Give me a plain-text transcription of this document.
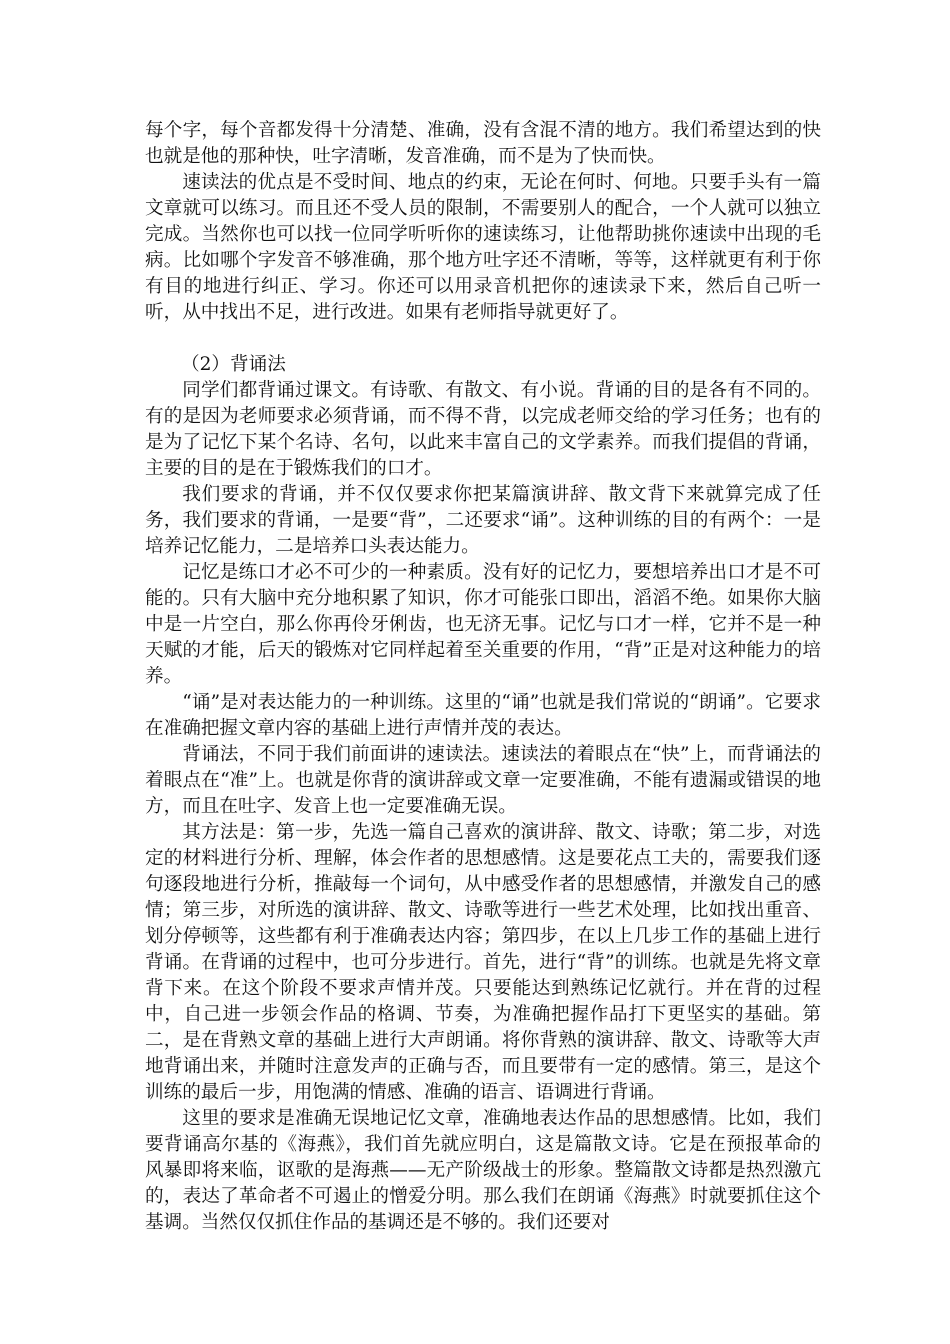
每个字，每个音都发得十分清楚、准确，没有含混不清的地方。我们希望达到的快也就是他的那种快，吐字清晰，发音准确，而不是为了快而快。

速读法的优点是不受时间、地点的约束，无论在何时、何地。只要手头有一篇文章就可以练习。而且还不受人员的限制，不需要别人的配合，一个人就可以独立完成。当然你也可以找一位同学听听你的速读练习，让他帮助挑你速读中出现的毛病。比如哪个字发音不够准确，那个地方吐字还不清晰，等等，这样就更有利于你有目的地进行纠正、学习。你还可以用录音机把你的速读录下来，然后自己听一听，从中找出不足，进行改进。如果有老师指导就更好了。

（2）背诵法

同学们都背诵过课文。有诗歌、有散文、有小说。背诵的目的是各有不同的。有的是因为老师要求必须背诵，而不得不背，以完成老师交给的学习任务；也有的是为了记忆下某个名诗、名句，以此来丰富自己的文学素养。而我们提倡的背诵，主要的目的是在于锻炼我们的口才。

我们要求的背诵，并不仅仅要求你把某篇演讲辞、散文背下来就算完成了任务，我们要求的背诵，一是要“背”，二还要求“诵”。这种训练的目的有两个：一是培养记忆能力，二是培养口头表达能力。

记忆是练口才必不可少的一种素质。没有好的记忆力，要想培养出口才是不可能的。只有大脑中充分地积累了知识，你才可能张口即出，滔滔不绝。如果你大脑中是一片空白，那么你再伶牙俐齿，也无济无事。记忆与口才一样，它并不是一种天赋的才能，后天的锻炼对它同样起着至关重要的作用，“背”正是对这种能力的培养。

“诵”是对表达能力的一种训练。这里的“诵”也就是我们常说的“朗诵”。它要求在准确把握文章内容的基础上进行声情并茂的表达。

背诵法，不同于我们前面讲的速读法。速读法的着眼点在“快”上，而背诵法的着眼点在“准”上。也就是你背的演讲辞或文章一定要准确，不能有遗漏或错误的地方，而且在吐字、发音上也一定要准确无误。

其方法是：第一步，先选一篇自己喜欢的演讲辞、散文、诗歌；第二步，对选定的材料进行分析、理解，体会作者的思想感情。这是要花点工夫的，需要我们逐句逐段地进行分析，推敲每一个词句，从中感受作者的思想感情，并激发自己的感情；第三步，对所选的演讲辞、散文、诗歌等进行一些艺术处理，比如找出重音、划分停顿等，这些都有利于准确表达内容；第四步，在以上几步工作的基础上进行背诵。在背诵的过程中，也可分步进行。首先，进行“背”的训练。也就是先将文章背下来。在这个阶段不要求声情并茂。只要能达到熟练记忆就行。并在背的过程中，自己进一步领会作品的格调、节奏，为准确把握作品打下更坚实的基础。第二，是在背熟文章的基础上进行大声朗诵。将你背熟的演讲辞、散文、诗歌等大声地背诵出来，并随时注意发声的正确与否，而且要带有一定的感情。第三，是这个训练的最后一步，用饱满的情感、准确的语言、语调进行背诵。

这里的要求是准确无误地记忆文章，准确地表达作品的思想感情。比如，我们要背诵高尔基的《海燕》，我们首先就应明白，这是篇散文诗。它是在预报革命的风暴即将来临，讴歌的是海燕——无产阶级战士的形象。整篇散文诗都是热烈激亢的，表达了革命者不可遏止的憎爱分明。那么我们在朗诵《海燕》时就要抓住这个基调。当然仅仅抓住作品的基调还是不够的。我们还要对
